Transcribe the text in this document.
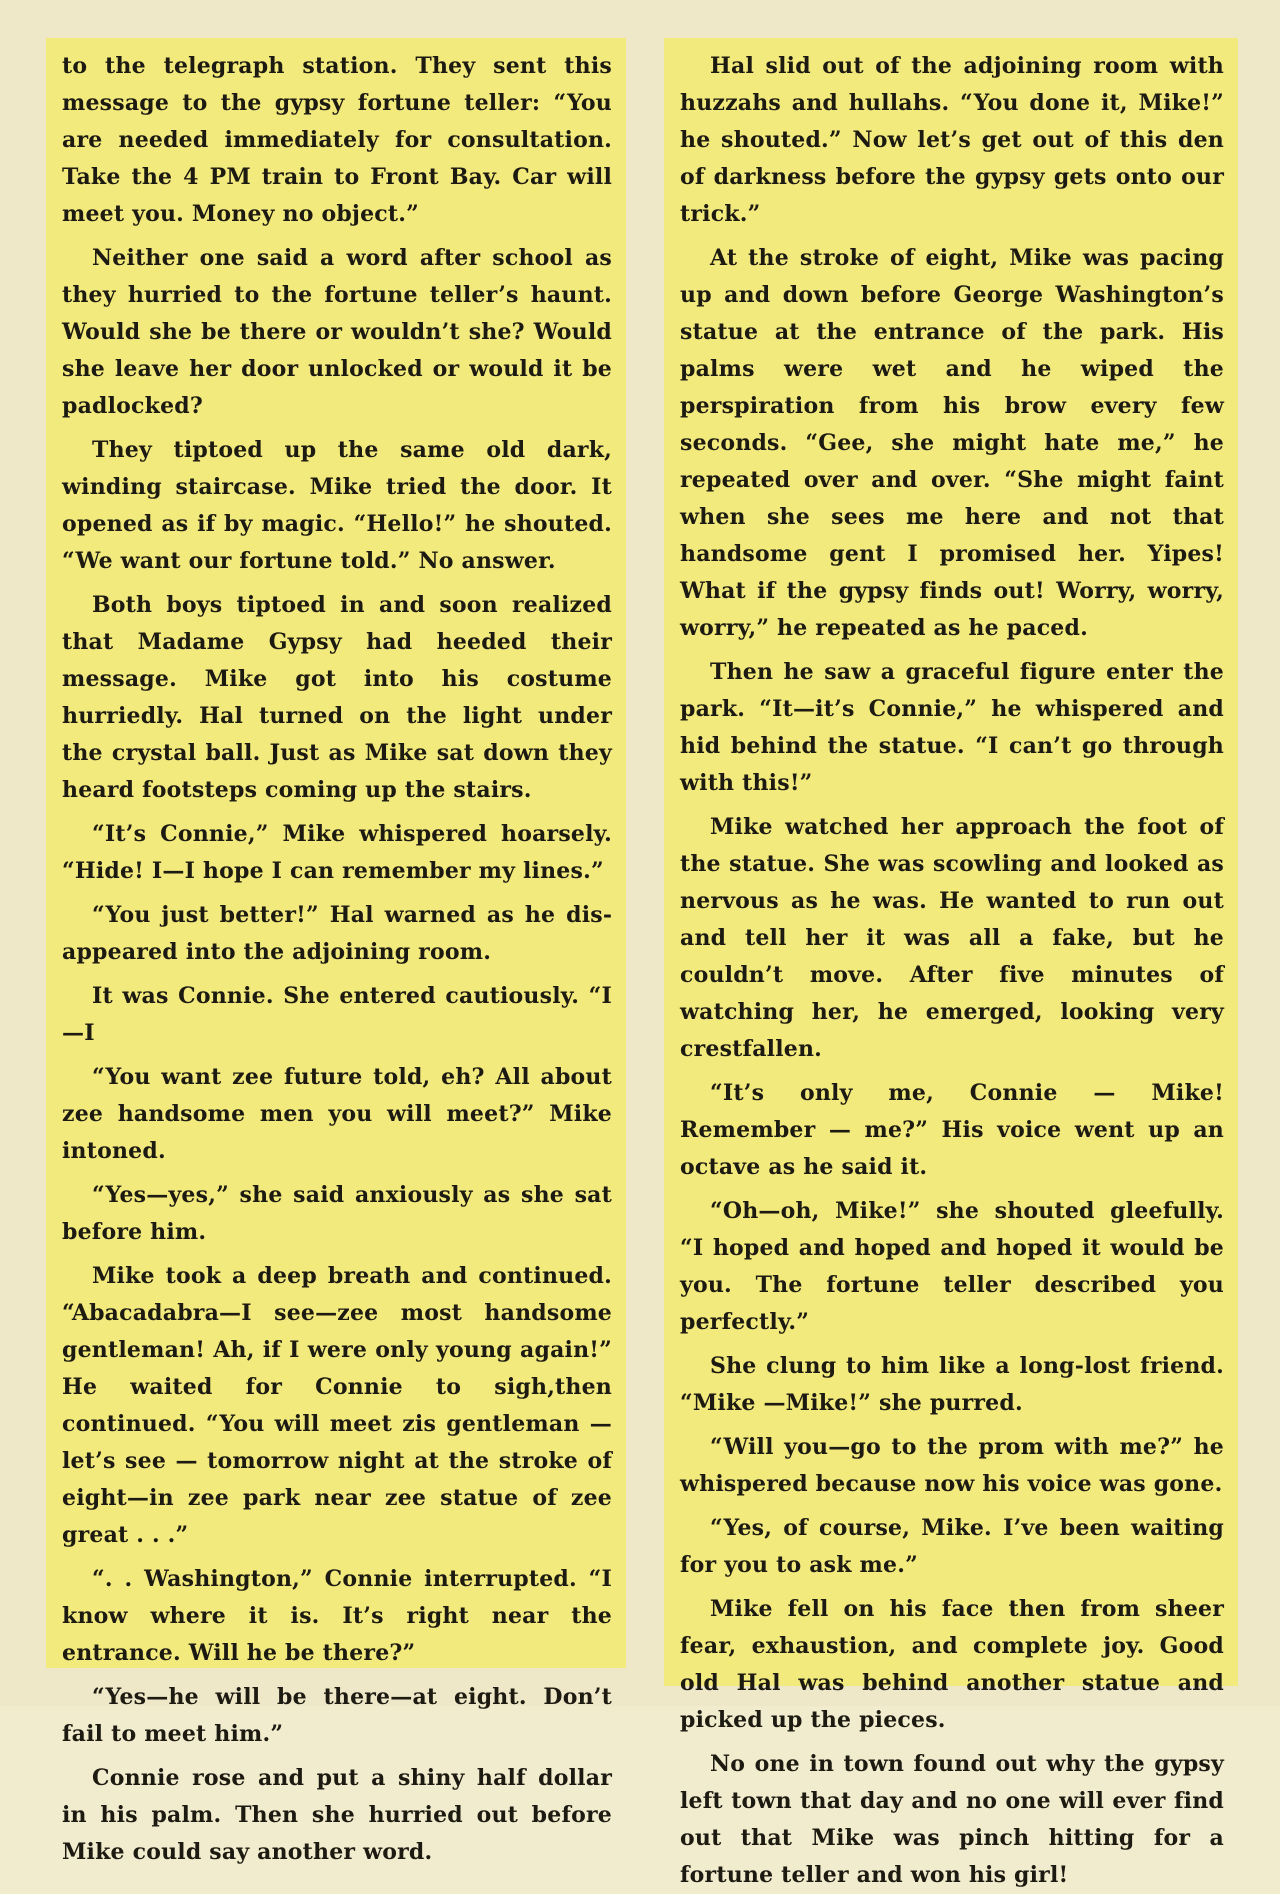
to the telegraph station. They sent this message to the gypsy fortune teller: “You are needed immediately for consultation. Take the 4 PM train to Front Bay. Car will meet you. Money no object.”

Neither one said a word after school as they hurried to the fortune teller’s haunt. Would she be there or wouldn’t she? Would she leave her door unlocked or would it be padlocked?

They tiptoed up the same old dark, winding staircase. Mike tried the door. It opened as if by magic. “Hello!” he shouted. “We want our fortune told.” No answer.

Both boys tiptoed in and soon realized that Madame Gypsy had heeded their message. Mike got into his costume hurriedly. Hal turned on the light under the crystal ball. Just as Mike sat down they heard footsteps coming up the stairs.

“It’s Connie,” Mike whispered hoarsely. “Hide! I—I hope I can remember my lines.”

“You just better!” Hal warned as he disappeared into the adjoining room.

It was Connie. She entered cautiously. “I—I

“You want zee future told, eh? All about zee handsome men you will meet?” Mike intoned.

“Yes—yes,” she said anxiously as she sat before him.

Mike took a deep breath and continued. “Abacadabra—I see—zee most handsome gentleman! Ah, if I were only young again!” He waited for Connie to sigh,then continued. “You will meet zis gentleman — let’s see — tomorrow night at the stroke of eight—in zee park near zee statue of zee great . . .”

“. . Washington,” Connie interrupted. “I know where it is. It’s right near the entrance. Will he be there?”

“Yes—he will be there—at eight. Don’t fail to meet him.”

Connie rose and put a shiny half dollar in his palm. Then she hurried out before Mike could say another word.

Hal slid out of the adjoining room with huzzahs and hullahs. “You done it, Mike!” he shouted.” Now let’s get out of this den of darkness before the gypsy gets onto our trick.”

At the stroke of eight, Mike was pacing up and down before George Washington’s statue at the entrance of the park. His palms were wet and he wiped the perspiration from his brow every few seconds. “Gee, she might hate me,” he repeated over and over. “She might faint when she sees me here and not that handsome gent I promised her. Yipes! What if the gypsy finds out! Worry, worry, worry,” he repeated as he paced.

Then he saw a graceful figure enter the park. “It—it’s Connie,” he whispered and hid behind the statue. “I can’t go through with this!”

Mike watched her approach the foot of the statue. She was scowling and looked as nervous as he was. He wanted to run out and tell her it was all a fake, but he couldn’t move. After five minutes of watching her, he emerged, looking very crestfallen.

“It’s only me, Connie — Mike! Remember — me?” His voice went up an octave as he said it.

“Oh—oh, Mike!” she shouted gleefully. “I hoped and hoped and hoped it would be you. The fortune teller described you perfectly.”

She clung to him like a long-lost friend. “Mike —Mike!” she purred.

“Will you—go to the prom with me?” he whispered because now his voice was gone.

“Yes, of course, Mike. I’ve been waiting for you to ask me.”

Mike fell on his face then from sheer fear, exhaustion, and complete joy. Good old Hal was behind another statue and picked up the pieces.

No one in town found out why the gypsy left town that day and no one will ever find out that Mike was pinch hitting for a fortune teller and won his girl!
